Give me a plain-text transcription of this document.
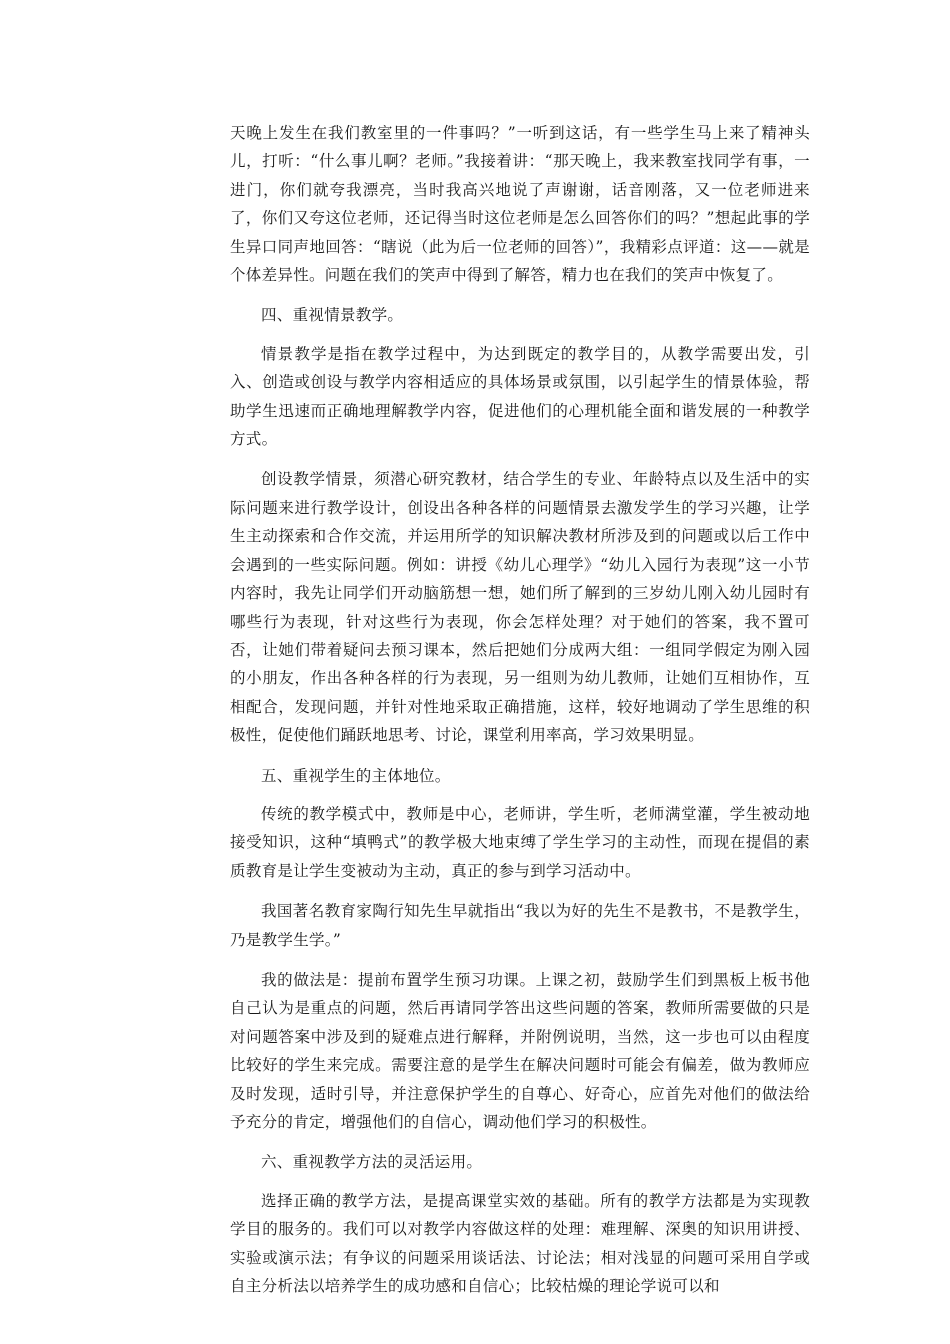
天晚上发生在我们教室里的一件事吗？”一听到这话，有一些学生马上来了精神头儿，打听：“什么事儿啊？老师。”我接着讲：“那天晚上，我来教室找同学有事，一进门，你们就夸我漂亮，当时我高兴地说了声谢谢，话音刚落，又一位老师进来了，你们又夸这位老师，还记得当时这位老师是怎么回答你们的吗？”想起此事的学生异口同声地回答：“瞎说（此为后一位老师的回答）”，我精彩点评道：这——就是个体差异性。问题在我们的笑声中得到了解答，精力也在我们的笑声中恢复了。

四、重视情景教学。

情景教学是指在教学过程中，为达到既定的教学目的，从教学需要出发，引入、创造或创设与教学内容相适应的具体场景或氛围，以引起学生的情景体验，帮助学生迅速而正确地理解教学内容，促进他们的心理机能全面和谐发展的一种教学方式。

创设教学情景，须潜心研究教材，结合学生的专业、年龄特点以及生活中的实际问题来进行教学设计，创设出各种各样的问题情景去激发学生的学习兴趣，让学生主动探索和合作交流，并运用所学的知识解决教材所涉及到的问题或以后工作中会遇到的一些实际问题。例如：讲授《幼儿心理学》“幼儿入园行为表现”这一小节内容时，我先让同学们开动脑筋想一想，她们所了解到的三岁幼儿刚入幼儿园时有哪些行为表现，针对这些行为表现，你会怎样处理？对于她们的答案，我不置可否，让她们带着疑问去预习课本，然后把她们分成两大组：一组同学假定为刚入园的小朋友，作出各种各样的行为表现，另一组则为幼儿教师，让她们互相协作，互相配合，发现问题，并针对性地采取正确措施，这样，较好地调动了学生思维的积极性，促使他们踊跃地思考、讨论，课堂利用率高，学习效果明显。

五、重视学生的主体地位。

传统的教学模式中，教师是中心，老师讲，学生听，老师满堂灌，学生被动地接受知识，这种“填鸭式”的教学极大地束缚了学生学习的主动性，而现在提倡的素质教育是让学生变被动为主动，真正的参与到学习活动中。

我国著名教育家陶行知先生早就指出“我以为好的先生不是教书，不是教学生，乃是教学生学。”

我的做法是：提前布置学生预习功课。上课之初，鼓励学生们到黑板上板书他自己认为是重点的问题，然后再请同学答出这些问题的答案，教师所需要做的只是对问题答案中涉及到的疑难点进行解释，并附例说明，当然，这一步也可以由程度比较好的学生来完成。需要注意的是学生在解决问题时可能会有偏差，做为教师应及时发现，适时引导，并注意保护学生的自尊心、好奇心，应首先对他们的做法给予充分的肯定，增强他们的自信心，调动他们学习的积极性。

六、重视教学方法的灵活运用。

选择正确的教学方法，是提高课堂实效的基础。所有的教学方法都是为实现教学目的服务的。我们可以对教学内容做这样的处理：难理解、深奥的知识用讲授、实验或演示法；有争议的问题采用谈话法、讨论法；相对浅显的问题可采用自学或自主分析法以培养学生的成功感和自信心；比较枯燥的理论学说可以和
